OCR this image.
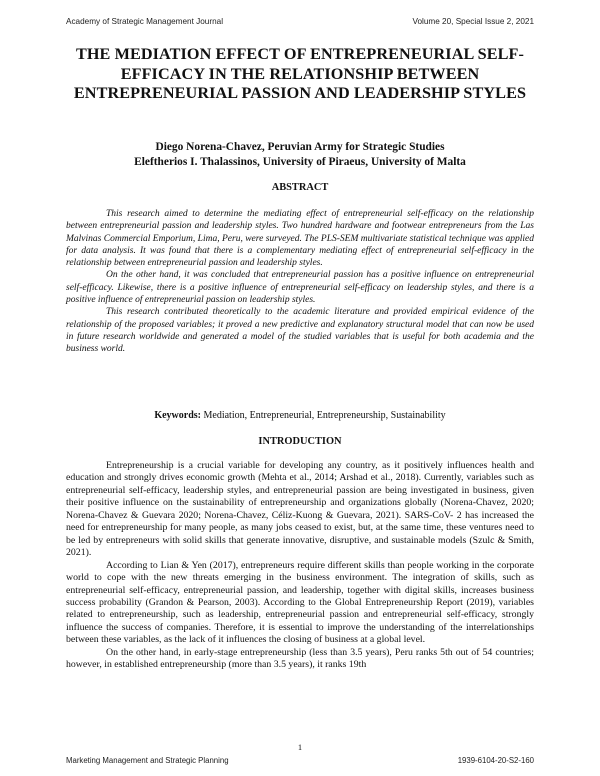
Academy of Strategic Management Journal	Volume 20, Special Issue 2, 2021
THE MEDIATION EFFECT OF ENTREPRENEURIAL SELF-EFFICACY IN THE RELATIONSHIP BETWEEN ENTREPRENEURIAL PASSION AND LEADERSHIP STYLES
Diego Norena-Chavez, Peruvian Army for Strategic Studies
Eleftherios I. Thalassinos, University of Piraeus, University of Malta
ABSTRACT

This research aimed to determine the mediating effect of entrepreneurial self-efficacy on the relationship between entrepreneurial passion and leadership styles. Two hundred hardware and footwear entrepreneurs from the Las Malvinas Commercial Emporium, Lima, Peru, were surveyed. The PLS-SEM multivariate statistical technique was applied for data analysis. It was found that there is a complementary mediating effect of entrepreneurial self-efficacy in the relationship between entrepreneurial passion and leadership styles.

On the other hand, it was concluded that entrepreneurial passion has a positive influence on entrepreneurial self-efficacy. Likewise, there is a positive influence of entrepreneurial self-efficacy on leadership styles, and there is a positive influence of entrepreneurial passion on leadership styles.

This research contributed theoretically to the academic literature and provided empirical evidence of the relationship of the proposed variables; it proved a new predictive and explanatory structural model that can now be used in future research worldwide and generated a model of the studied variables that is useful for both academia and the business world.

Keywords: Mediation, Entrepreneurial, Entrepreneurship, Sustainability
INTRODUCTION

Entrepreneurship is a crucial variable for developing any country, as it positively influences health and education and strongly drives economic growth (Mehta et al., 2014; Arshad et al., 2018). Currently, variables such as entrepreneurial self-efficacy, leadership styles, and entrepreneurial passion are being investigated in business, given their positive influence on the sustainability of entrepreneurship and organizations globally (Norena-Chavez, 2020; Norena-Chavez & Guevara 2020; Norena-Chavez, Céliz-Kuong & Guevara, 2021). SARS-CoV- 2 has increased the need for entrepreneurship for many people, as many jobs ceased to exist, but, at the same time, these ventures need to be led by entrepreneurs with solid skills that generate innovative, disruptive, and sustainable models (Szulc & Smith, 2021).

According to Lian & Yen (2017), entrepreneurs require different skills than people working in the corporate world to cope with the new threats emerging in the business environment. The integration of skills, such as entrepreneurial self-efficacy, entrepreneurial passion, and leadership, together with digital skills, increases business success probability (Grandon & Pearson, 2003). According to the Global Entrepreneurship Report (2019), variables related to entrepreneurship, such as leadership, entrepreneurial passion and entrepreneurial self-efficacy, strongly influence the success of companies. Therefore, it is essential to improve the understanding of the interrelationships between these variables, as the lack of it influences the closing of business at a global level.

On the other hand, in early-stage entrepreneurship (less than 3.5 years), Peru ranks 5th out of 54 countries; however, in established entrepreneurship (more than 3.5 years), it ranks 19th

1
Marketing Management and Strategic Planning	1939-6104-20-S2-160
